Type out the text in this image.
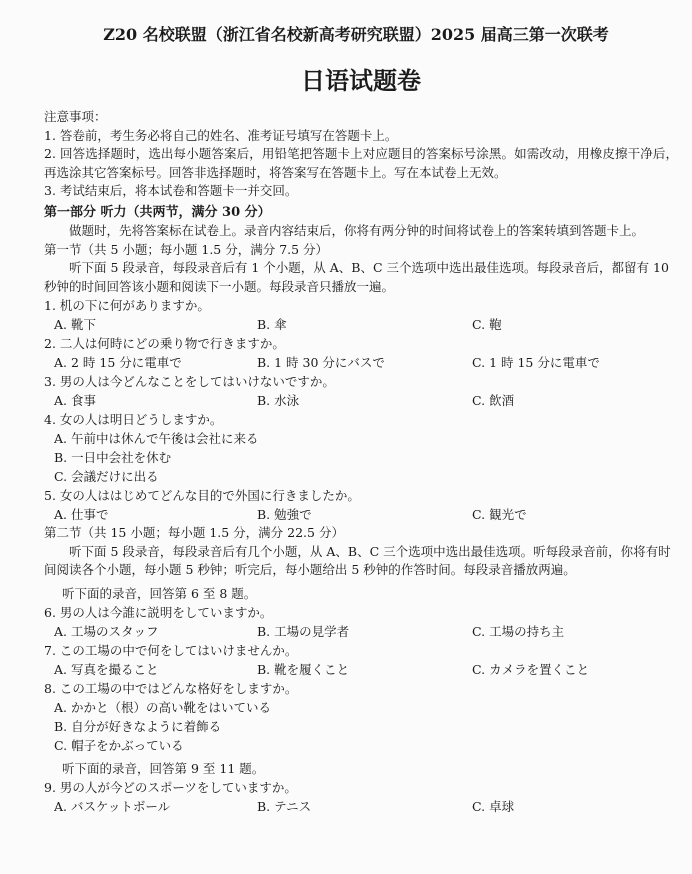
Z20 名校联盟（浙江省名校新高考研究联盟）2025 届高三第一次联考
日语试题卷
注意事项：
1. 答卷前，考生务必将自己的姓名、准考证号填写在答题卡上。
2. 回答选择题时，选出每小题答案后，用铅笔把答题卡上对应题目的答案标号涂黑。如需改动，用橡皮擦干净后，再选涂其它答案标号。回答非选择题时，将答案写在答题卡上。写在本试卷上无效。
3. 考试结束后，将本试卷和答题卡一并交回。
第一部分 听力（共两节，满分 30 分）
做题时，先将答案标在试卷上。录音内容结束后，你将有两分钟的时间将试卷上的答案转填到答题卡上。
第一节（共 5 小题；每小题 1.5 分，满分 7.5 分）
听下面 5 段录音，每段录音后有 1 个小题，从 A、B、C 三个选项中选出最佳选项。每段录音后，都留有 10 秒钟的时间回答该小题和阅读下一小题。每段录音只播放一遍。
1. 机の下に何がありますか。
A. 靴下	B. 傘	C. 鞄
2. 二人は何時にどの乗り物で行きますか。
A. 2 時 15 分に電車で	B. 1 時 30 分にバスで	C. 1 時 15 分に電車で
3. 男の人は今どんなことをしてはいけないですか。
A. 食事	B. 水泳	C. 飲酒
4. 女の人は明日どうしますか。
A. 午前中は休んで午後は会社に来る
B. 一日中会社を休む
C. 会議だけに出る
5. 女の人ははじめてどんな目的で外国に行きましたか。
A. 仕事で	B. 勉強で	C. 観光で
第二节（共 15 小题；每小题 1.5 分，满分 22.5 分）
听下面 5 段录音，每段录音后有几个小题，从 A、B、C 三个选项中选出最佳选项。听每段录音前，你将有时间阅读各个小题，每小题 5 秒钟；听完后，每小题给出 5 秒钟的作答时间。每段录音播放两遍。
听下面的录音，回答第 6 至 8 题。
6. 男の人は今誰に説明をしていますか。
A. 工場のスタッフ	B. 工場の見学者	C. 工場の持ち主
7. この工場の中で何をしてはいけませんか。
A. 写真を撮ること	B. 靴を履くこと	C. カメラを置くこと
8. この工場の中ではどんな格好をしますか。
A. かかと（根）の高い靴をはいている
B. 自分が好きなように着飾る
C. 帽子をかぶっている
听下面的录音，回答第 9 至 11 题。
9. 男の人が今どのスポーツをしていますか。
A. バスケットボール	B. テニス	C. 卓球
